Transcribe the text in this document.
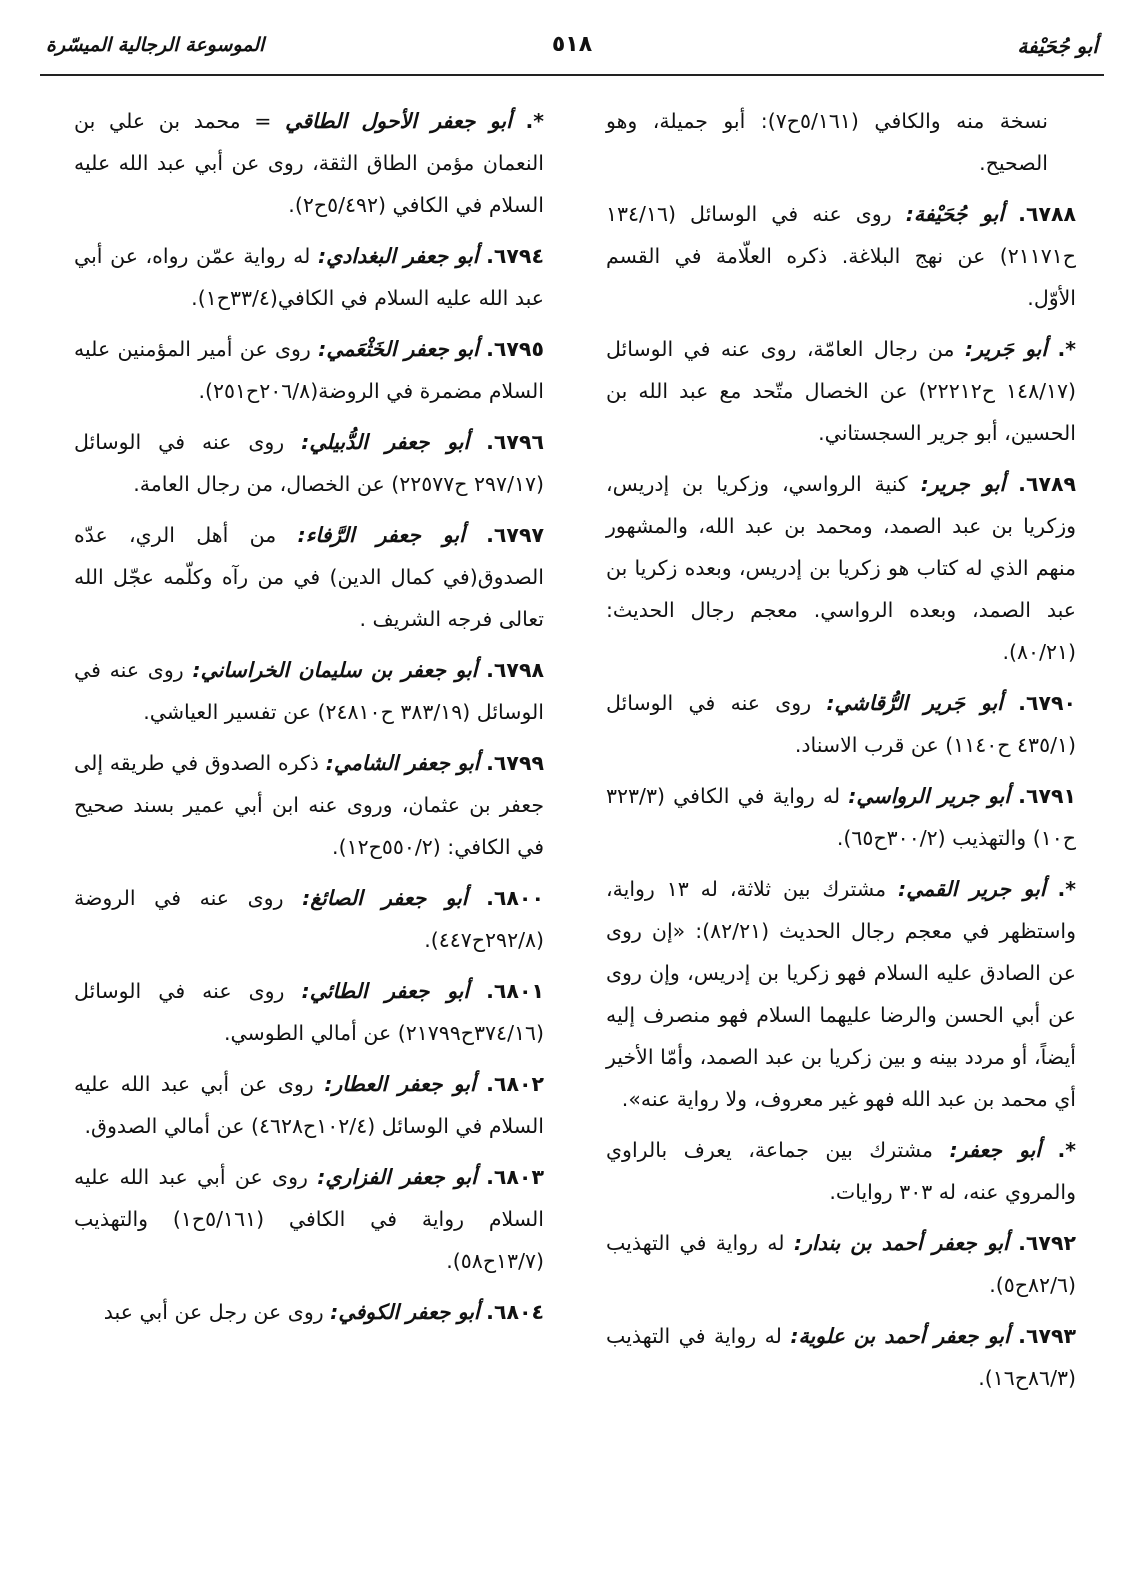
أبو جُحَيْفة
٥١٨
الموسوعة الرجالية الميسّرة

نسخة منه والكافي (٥/١٦١ح٧): أبو جميلة، وهو الصحيح.

٦٧٨٨. أبو جُحَيْفة: روى عنه في الوسائل (١٣٤/١٦ ح٢١١٧١) عن نهج البلاغة. ذكره العلّامة في القسم الأوّل.

*. أبو جَرير: من رجال العامّة، روى عنه في الوسائل (١٤٨/١٧ ح٢٢٢١٢) عن الخصال متّحد مع عبد الله بن الحسين، أبو جرير السجستاني.

٦٧٨٩. أبو جرير: كنية الرواسي، وزكريا بن إدريس، وزكريا بن عبد الصمد، ومحمد بن عبد الله، والمشهور منهم الذي له كتاب هو زكريا بن إدريس، وبعده زكريا بن عبد الصمد، وبعده الرواسي. معجم رجال الحديث:(٨٠/٢١).

٦٧٩٠. أبو جَرير الرُّقاشي: روى عنه في الوسائل (٤٣٥/١ ح١١٤٠) عن قرب الاسناد.

٦٧٩١. أبو جرير الرواسي: له رواية في الكافي (٣٢٣/٣ ح١٠) والتهذيب (٣٠٠/٢ح٦٥).

*. أبو جرير القمي: مشترك بين ثلاثة، له ١٣ رواية، واستظهر في معجم رجال الحديث (٨٢/٢١): «إن روى عن الصادق عليه السلام فهو زكريا بن إدريس، وإن روى عن أبي الحسن والرضا عليهما السلام فهو منصرف إليه أيضاً، أو مردد بينه و بين زكريا بن عبد الصمد، وأمّا الأخير أي محمد بن عبد الله فهو غير معروف، ولا رواية عنه».

*. أبو جعفر: مشترك بين جماعة، يعرف بالراوي والمروي عنه، له ٣٠٣ روايات.

٦٧٩٢. أبو جعفر أحمد بن بندار: له رواية في التهذيب (٨٢/٦ح٥).

٦٧٩٣. أبو جعفر أحمد بن علوية: له رواية في التهذيب (٨٦/٣ح١٦).

*. أبو جعفر الأحول الطاقي = محمد بن علي بن النعمان مؤمن الطاق الثقة، روى عن أبي عبد الله عليه السلام في الكافي (٥/٤٩٢ح٢).

٦٧٩٤. أبو جعفر البغدادي: له رواية عمّن رواه، عن أبي عبد الله عليه السلام في الكافي(٣٣/٤ح١).

٦٧٩٥. أبو جعفر الخَثْعَمي: روى عن أمير المؤمنين عليه السلام مضمرة في الروضة(٢٠٦/٨ح٢٥١).

٦٧٩٦. أبو جعفر الدُّبيلي: روى عنه في الوسائل (٢٩٧/١٧ ح٢٢٥٧٧) عن الخصال، من رجال العامة.

٦٧٩٧. أبو جعفر الرَّفاء: من أهل الري، عدّه الصدوق(في كمال الدين) في من رآه وكلّمه عجّل الله تعالى فرجه الشريف .

٦٧٩٨. أبو جعفر بن سليمان الخراساني: روى عنه في الوسائل (٣٨٣/١٩ ح٢٤٨١٠) عن تفسير العياشي.

٦٧٩٩. أبو جعفر الشامي: ذكره الصدوق في طريقه إلى جعفر بن عثمان، وروى عنه ابن أبي عمير بسند صحيح في الكافي: (٥٥٠/٢ح١٢).

٦٨٠٠. أبو جعفر الصائغ: روى عنه في الروضة (٢٩٢/٨ح٤٤٧).

٦٨٠١. أبو جعفر الطائي: روى عنه في الوسائل (٣٧٤/١٦ح٢١٧٩٩) عن أمالي الطوسي.

٦٨٠٢. أبو جعفر العطار: روى عن أبي عبد الله عليه السلام في الوسائل (١٠٢/٤ح٤٦٢٨) عن أمالي الصدوق.

٦٨٠٣. أبو جعفر الفزاري: روى عن أبي عبد الله عليه السلام رواية في الكافي (٥/١٦١ح١) والتهذيب (١٣/٧ح٥٨).

٦٨٠٤. أبو جعفر الكوفي: روى عن رجل عن أبي عبد
